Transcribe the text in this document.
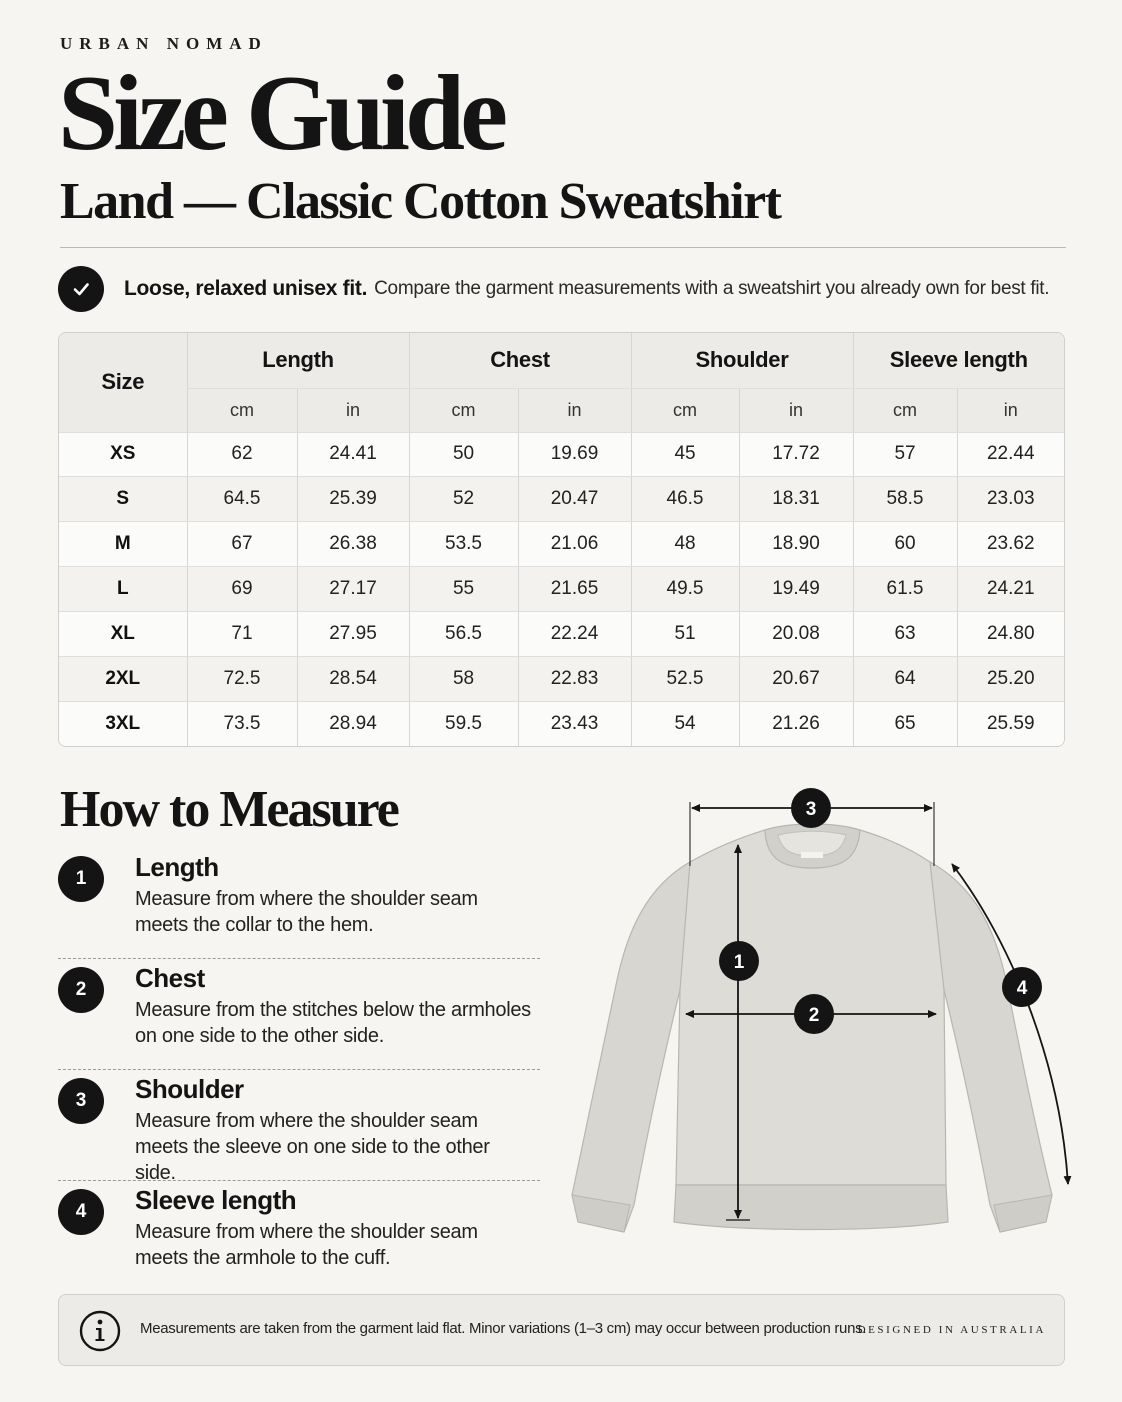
URBAN NOMAD
Size Guide
Land — Classic Cotton Sweatshirt
Loose, relaxed unisex fit. Compare the garment measurements with a sweatshirt you already own for best fit.
Size	Length		Chest		Shoulder		Sleeve length	
	cm	in	cm	in	cm	in	cm	in
XS	62	24.41	50	19.69	45	17.72	57	22.44
S	64.5	25.39	52	20.47	46.5	18.31	58.5	23.03
M	67	26.38	53.5	21.06	48	18.90	60	23.62
L	69	27.17	55	21.65	49.5	19.49	61.5	24.21
XL	71	27.95	56.5	22.24	51	20.08	63	24.80
2XL	72.5	28.54	58	22.83	52.5	20.67	64	25.20
3XL	73.5	28.94	59.5	23.43	54	21.26	65	25.59
How to Measure
1	Length
Measure from where the shoulder seam meets the collar to the hem.
2	Chest
Measure from the stitches below the armholes on one side to the other side.
3	Shoulder
Measure from where the shoulder seam meets the sleeve on one side to the other side.
4	Sleeve length
Measure from where the shoulder seam meets the armhole to the cuff.
3
1
2
4
Measurements are taken from the garment laid flat. Minor variations (1–3 cm) may occur between production runs.
DESIGNED IN AUSTRALIA
